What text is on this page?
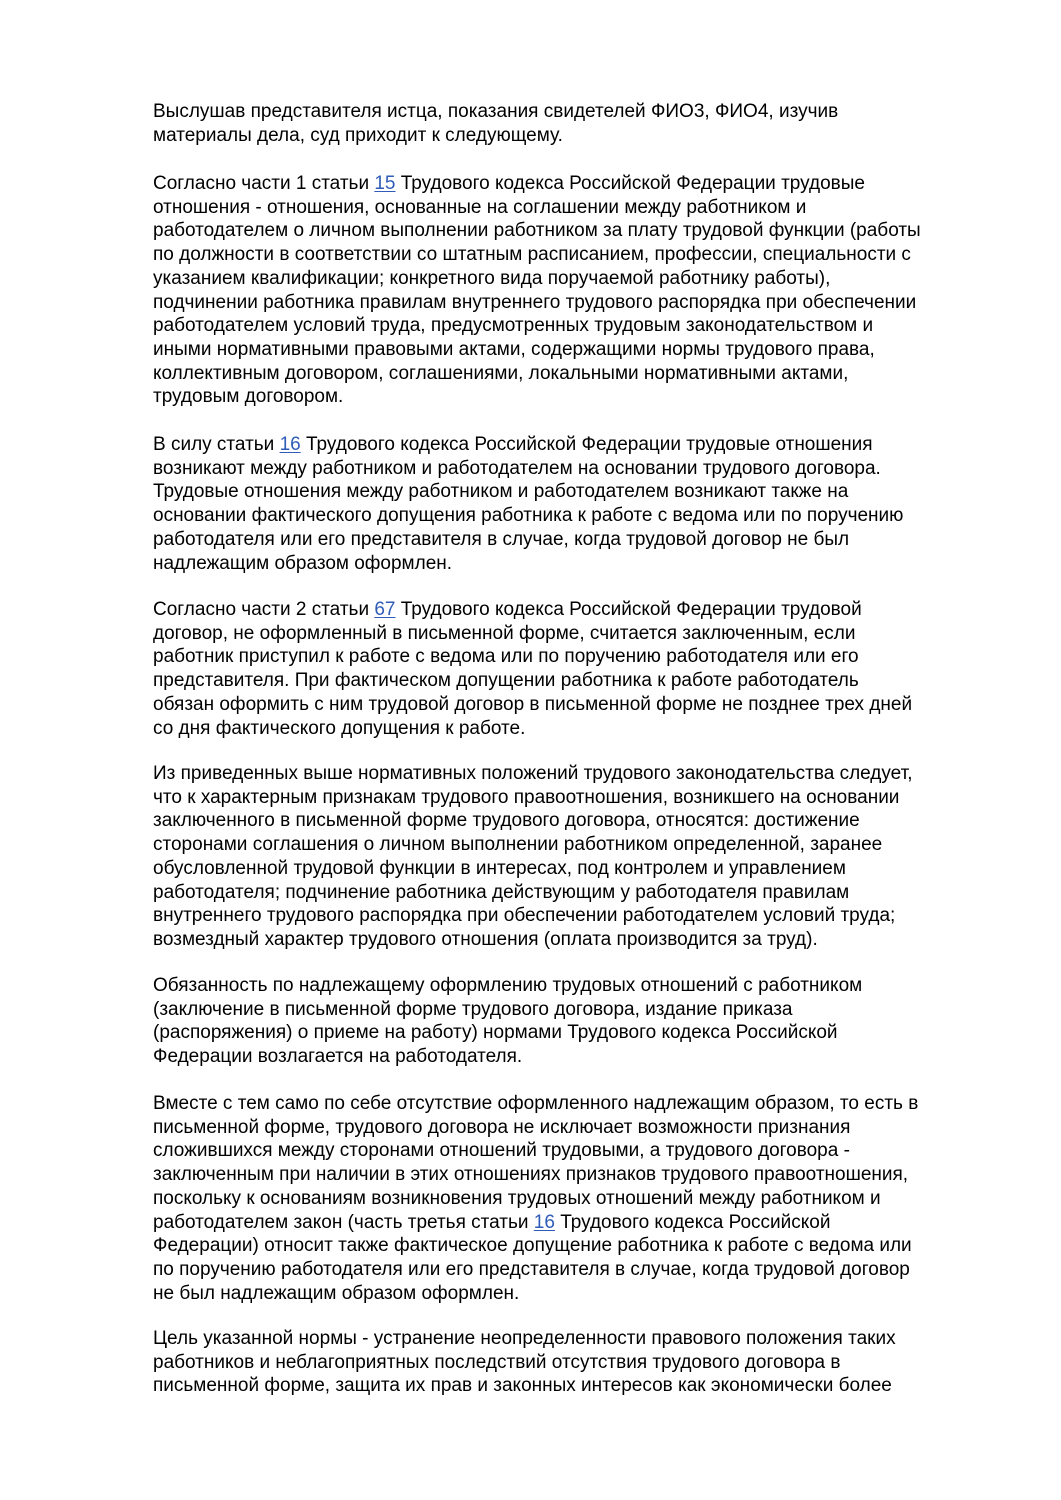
Выслушав представителя истца, показания свидетелей ФИО3, ФИО4, изучив
материалы дела, суд приходит к следующему.
Согласно части 1 статьи 15 Трудового кодекса Российской Федерации трудовые
отношения - отношения, основанные на соглашении между работником и
работодателем о личном выполнении работником за плату трудовой функции (работы
по должности в соответствии со штатным расписанием, профессии, специальности с
указанием квалификации; конкретного вида поручаемой работнику работы),
подчинении работника правилам внутреннего трудового распорядка при обеспечении
работодателем условий труда, предусмотренных трудовым законодательством и
иными нормативными правовыми актами, содержащими нормы трудового права,
коллективным договором, соглашениями, локальными нормативными актами,
трудовым договором.
В силу статьи 16 Трудового кодекса Российской Федерации трудовые отношения
возникают между работником и работодателем на основании трудового договора.
Трудовые отношения между работником и работодателем возникают также на
основании фактического допущения работника к работе с ведома или по поручению
работодателя или его представителя в случае, когда трудовой договор не был
надлежащим образом оформлен.
Согласно части 2 статьи 67 Трудового кодекса Российской Федерации трудовой
договор, не оформленный в письменной форме, считается заключенным, если
работник приступил к работе с ведома или по поручению работодателя или его
представителя. При фактическом допущении работника к работе работодатель
обязан оформить с ним трудовой договор в письменной форме не позднее трех дней
со дня фактического допущения к работе.
Из приведенных выше нормативных положений трудового законодательства следует,
что к характерным признакам трудового правоотношения, возникшего на основании
заключенного в письменной форме трудового договора, относятся: достижение
сторонами соглашения о личном выполнении работником определенной, заранее
обусловленной трудовой функции в интересах, под контролем и управлением
работодателя; подчинение работника действующим у работодателя правилам
внутреннего трудового распорядка при обеспечении работодателем условий труда;
возмездный характер трудового отношения (оплата производится за труд).
Обязанность по надлежащему оформлению трудовых отношений с работником
(заключение в письменной форме трудового договора, издание приказа
(распоряжения) о приеме на работу) нормами Трудового кодекса Российской
Федерации возлагается на работодателя.
Вместе с тем само по себе отсутствие оформленного надлежащим образом, то есть в
письменной форме, трудового договора не исключает возможности признания
сложившихся между сторонами отношений трудовыми, а трудового договора -
заключенным при наличии в этих отношениях признаков трудового правоотношения,
поскольку к основаниям возникновения трудовых отношений между работником и
работодателем закон (часть третья статьи 16 Трудового кодекса Российской
Федерации) относит также фактическое допущение работника к работе с ведома или
по поручению работодателя или его представителя в случае, когда трудовой договор
не был надлежащим образом оформлен.
Цель указанной нормы - устранение неопределенности правового положения таких
работников и неблагоприятных последствий отсутствия трудового договора в
письменной форме, защита их прав и законных интересов как экономически более
